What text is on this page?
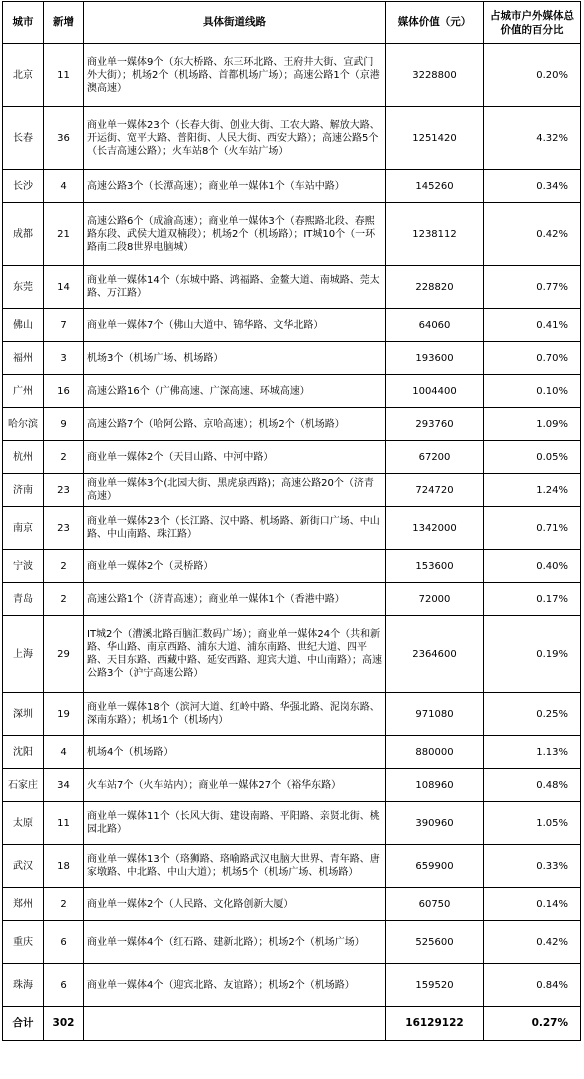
城市	新增	具体街道线路	媒体价值（元）	占城市户外媒体总价值的百分比
北京	11	商业单一媒体9个（东大桥路、东三环北路、王府井大街、宣武门外大街）；机场2个（机场路、首都机场广场）；高速公路1个（京港澳高速）	3228800	0.20%
长春	36	商业单一媒体23个（长春大街、创业大街、工农大路、解放大路、开运街、宽平大路、普阳街、人民大街、西安大路）；高速公路5个（长吉高速公路）；火车站8个（火车站广场）	1251420	4.32%
长沙	4	高速公路3个（长潭高速）；商业单一媒体1个（车站中路）	145260	0.34%
成都	21	高速公路6个（成渝高速）；商业单一媒体3个（春熙路北段、春熙路东段、武侯大道双楠段）；机场2个（机场路）；IT城10个（一环路南二段8世界电脑城）	1238112	0.42%
东莞	14	商业单一媒体14个（东城中路、鸿福路、金鳌大道、南城路、莞太路、万江路）	228820	0.77%
佛山	7	商业单一媒体7个（佛山大道中、锦华路、文华北路）	64060	0.41%
福州	3	机场3个（机场广场、机场路）	193600	0.70%
广州	16	高速公路16个（广佛高速、广深高速、环城高速）	1004400	0.10%
哈尔滨	9	高速公路7个（哈阿公路、京哈高速）；机场2个（机场路）	293760	1.09%
杭州	2	商业单一媒体2个（天目山路、中河中路）	67200	0.05%
济南	23	商业单一媒体3个(北园大街、黑虎泉西路)；高速公路20个（济青高速）	724720	1.24%
南京	23	商业单一媒体23个（长江路、汉中路、机场路、新街口广场、中山路、中山南路、珠江路）	1342000	0.71%
宁波	2	商业单一媒体2个（灵桥路）	153600	0.40%
青岛	2	高速公路1个（济青高速）；商业单一媒体1个（香港中路）	72000	0.17%
上海	29	IT城2个（漕溪北路百脑汇数码广场）；商业单一媒体24个（共和新路、华山路、南京西路、浦东大道、浦东南路、世纪大道、四平路、天目东路、西藏中路、延安西路、迎宾大道、中山南路）；高速公路3个（沪宁高速公路）	2364600	0.19%
深圳	19	商业单一媒体18个（滨河大道、红岭中路、华强北路、泥岗东路、深南东路）；机场1个（机场内）	971080	0.25%
沈阳	4	机场4个（机场路）	880000	1.13%
石家庄	34	火车站7个（火车站内）；商业单一媒体27个（裕华东路）	108960	0.48%
太原	11	商业单一媒体11个（长风大街、建设南路、平阳路、亲贤北街、桃园北路）	390960	1.05%
武汉	18	商业单一媒体13个（珞狮路、珞喻路武汉电脑大世界、青年路、唐家墩路、中北路、中山大道）；机场5个（机场广场、机场路）	659900	0.33%
郑州	2	商业单一媒体2个（人民路、文化路创新大厦）	60750	0.14%
重庆	6	商业单一媒体4个（红石路、建新北路）；机场2个（机场广场）	525600	0.42%
珠海	6	商业单一媒体4个（迎宾北路、友谊路）；机场2个（机场路）	159520	0.84%
合计	302		16129122	0.27%
